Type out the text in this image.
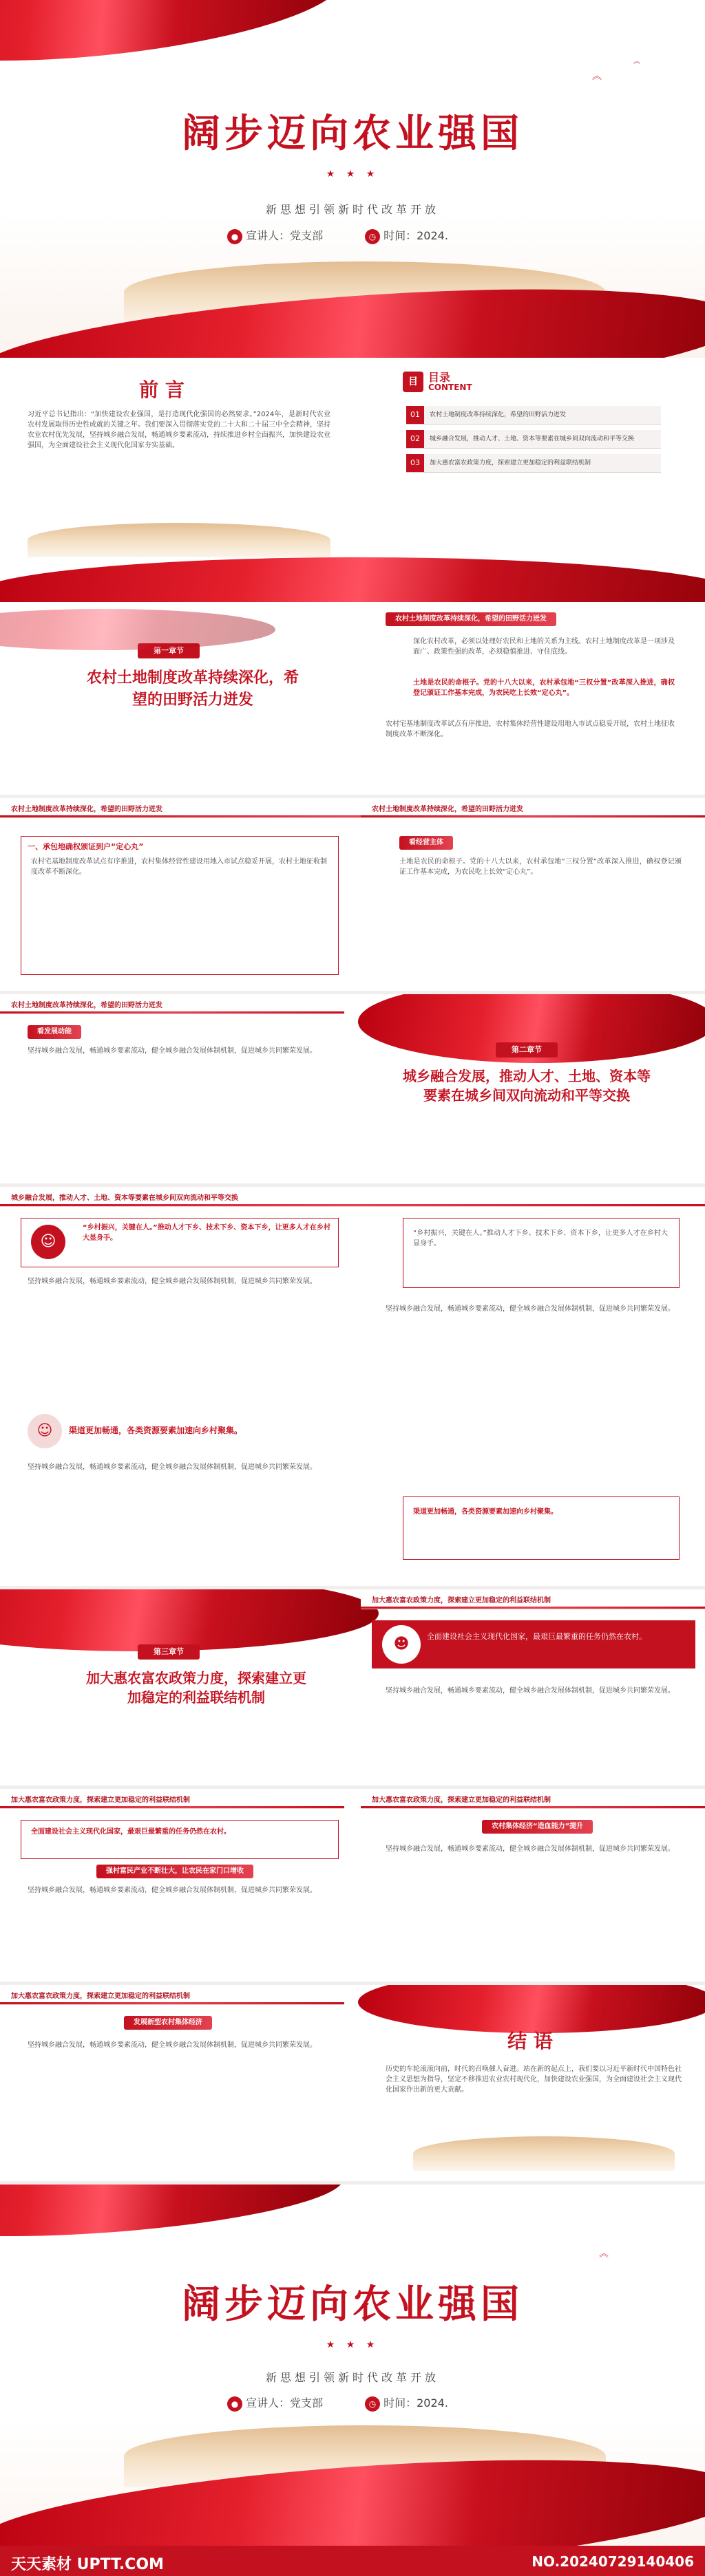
︽
︽
阔步迈向农业强国
★ ★ ★
新思想引领新时代改革开放
● 宣讲人：党支部	◷ 时间：2024.
前 言
习近平总书记指出：“加快建设农业强国，是打造现代化强国的必然要求。”2024年，是新时代农业农村发展取得历史性成就的关键之年。我们要深入贯彻落实党的二十大和二十届三中全会精神，坚持农业农村优先发展，坚持城乡融合发展，畅通城乡要素流动，持续推进乡村全面振兴，加快建设农业强国，为全面建设社会主义现代化国家夯实基础。
目 目录
CONTENT
01	农村土地制度改革持续深化，希望的田野活力迸发
02	城乡融合发展，推动人才、土地、资本等要素在城乡间双向流动和平等交换
03	加大惠农富农政策力度，探索建立更加稳定的利益联结机制
第一章节
农村土地制度改革持续深化，希望的田野活力迸发
农村土地制度改革持续深化，希望的田野活力迸发
深化农村改革，必须以处理好农民和土地的关系为主线。农村土地制度改革是一项涉及面广、政策性强的改革，必须稳慎推进、守住底线。
土地是农民的命根子。党的十八大以来，农村承包地“三权分置”改革深入推进，确权登记颁证工作基本完成，为农民吃上长效“定心丸”。
农村宅基地制度改革试点有序推进，农村集体经营性建设用地入市试点稳妥开展，农村土地征收制度改革不断深化。
农村土地制度改革持续深化，希望的田野活力迸发
一、承包地确权颁证到户“定心丸”
农村宅基地制度改革试点有序推进，农村集体经营性建设用地入市试点稳妥开展，农村土地征收制度改革不断深化。
农村土地制度改革持续深化，希望的田野活力迸发
看经营主体
土地是农民的命根子。党的十八大以来，农村承包地“三权分置”改革深入推进，确权登记颁证工作基本完成，为农民吃上长效“定心丸”。
农村土地制度改革持续深化，希望的田野活力迸发
看发展动能
坚持城乡融合发展，畅通城乡要素流动，健全城乡融合发展体制机制，促进城乡共同繁荣发展。	第二章节
城乡融合发展，推动人才、土地、资本等要素在城乡间双向流动和平等交换
城乡融合发展，推动人才、土地、资本等要素在城乡间双向流动和平等交换
“乡村振兴，关键在人。”推动人才下乡、技术下乡、资本下乡，让更多人才在乡村大显身手。
☺
坚持城乡融合发展，畅通城乡要素流动，健全城乡融合发展体制机制，促进城乡共同繁荣发展。
☺	渠道更加畅通，各类资源要素加速向乡村聚集。
坚持城乡融合发展，畅通城乡要素流动，健全城乡融合发展体制机制，促进城乡共同繁荣发展。
“乡村振兴，关键在人。”推动人才下乡、技术下乡、资本下乡，让更多人才在乡村大显身手。
坚持城乡融合发展，畅通城乡要素流动，健全城乡融合发展体制机制，促进城乡共同繁荣发展。
渠道更加畅通，各类资源要素加速向乡村聚集。
第三章节
加大惠农富农政策力度，探索建立更加稳定的利益联结机制
加大惠农富农政策力度，探索建立更加稳定的利益联结机制
全面建设社会主义现代化国家，最艰巨最繁重的任务仍然在农村。
☻
坚持城乡融合发展，畅通城乡要素流动，健全城乡融合发展体制机制，促进城乡共同繁荣发展。
加大惠农富农政策力度，探索建立更加稳定的利益联结机制
全面建设社会主义现代化国家，最艰巨最繁重的任务仍然在农村。
强村富民产业不断壮大，让农民在家门口增收
坚持城乡融合发展，畅通城乡要素流动，健全城乡融合发展体制机制，促进城乡共同繁荣发展。
加大惠农富农政策力度，探索建立更加稳定的利益联结机制
农村集体经济“造血能力”提升
坚持城乡融合发展，畅通城乡要素流动，健全城乡融合发展体制机制，促进城乡共同繁荣发展。
加大惠农富农政策力度，探索建立更加稳定的利益联结机制
发展新型农村集体经济
坚持城乡融合发展，畅通城乡要素流动，健全城乡融合发展体制机制，促进城乡共同繁荣发展。	结 语
历史的车轮滚滚向前，时代的召唤催人奋进。站在新的起点上，我们要以习近平新时代中国特色社会主义思想为指导，坚定不移推进农业农村现代化，加快建设农业强国，为全面建设社会主义现代化国家作出新的更大贡献。
︽
阔步迈向农业强国
★ ★ ★
新思想引领新时代改革开放
● 宣讲人：党支部	◷ 时间：2024.
天天素材 UPTT.COM	NO.20240729140406
